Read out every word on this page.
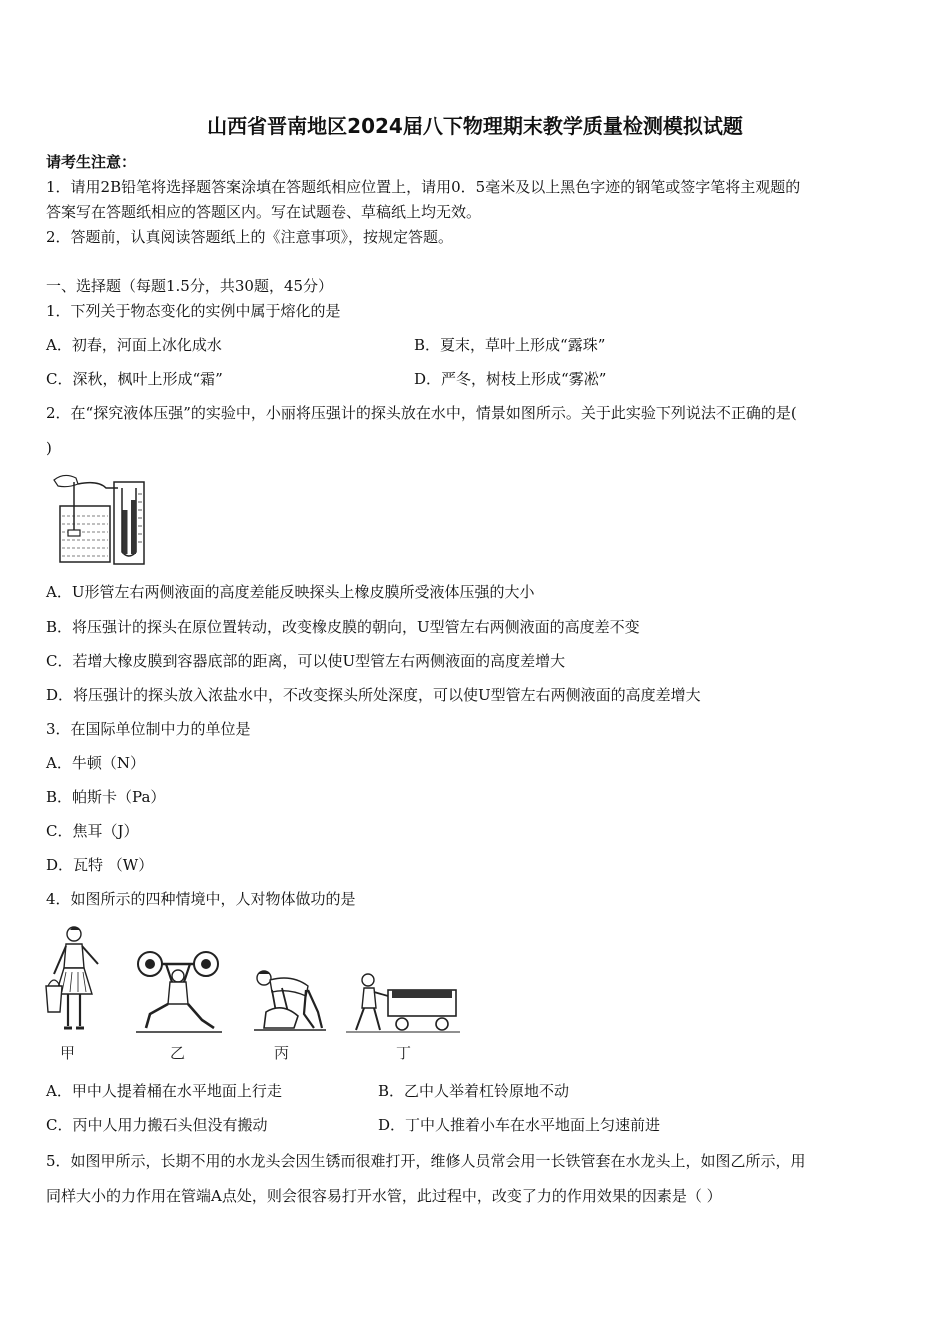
山西省晋南地区2024届八下物理期末教学质量检测模拟试题
请考生注意：
1．请用2B铅笔将选择题答案涂填在答题纸相应位置上，请用0．5毫米及以上黑色字迹的钢笔或签字笔将主观题的
答案写在答题纸相应的答题区内。写在试题卷、草稿纸上均无效。
2．答题前，认真阅读答题纸上的《注意事项》，按规定答题。
一、选择题（每题1.5分，共30题，45分）
1．下列关于物态变化的实例中属于熔化的是
A．初春，河面上冰化成水	B．夏末，草叶上形成“露珠”
C．深秋，枫叶上形成“霜”	D．严冬，树枝上形成“雾凇”
2．在“探究液体压强”的实验中，小丽将压强计的探头放在水中，情景如图所示。关于此实验下列说法不正确的是(
)
A．U形管左右两侧液面的高度差能反映探头上橡皮膜所受液体压强的大小
B．将压强计的探头在原位置转动，改变橡皮膜的朝向，U型管左右两侧液面的高度差不变
C．若增大橡皮膜到容器底部的距离，可以使U型管左右两侧液面的高度差增大
D．将压强计的探头放入浓盐水中，不改变探头所处深度，可以使U型管左右两侧液面的高度差增大
3．在国际单位制中力的单位是
A．牛顿（N）
B．帕斯卡（Pa）
C．焦耳（J）
D．瓦特 （W）
4．如图所示的四种情境中，人对物体做功的是
甲	乙	丙	丁
A．甲中人提着桶在水平地面上行走	B．乙中人举着杠铃原地不动
C．丙中人用力搬石头但没有搬动	D．丁中人推着小车在水平地面上匀速前进
5．如图甲所示，长期不用的水龙头会因生锈而很难打开，维修人员常会用一长铁管套在水龙头上，如图乙所示，用
同样大小的力作用在管端A点处，则会很容易打开水管，此过程中，改变了力的作用效果的因素是（ ）
